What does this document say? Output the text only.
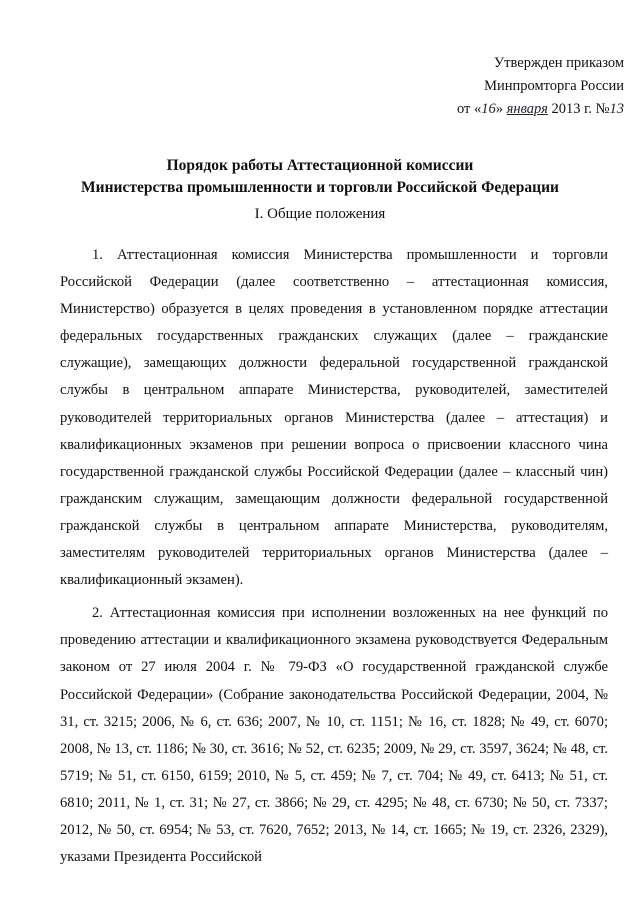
Утвержден приказом
Минпромторга России
от «16» января 2013 г. №13
Порядок работы Аттестационной комиссии
Министерства промышленности и торговли Российской Федерации
I. Общие положения

1. Аттестационная комиссия Министерства промышленности и торговли Российской Федерации (далее соответственно – аттестационная комиссия, Министерство) образуется в целях проведения в установленном порядке аттестации федеральных государственных гражданских служащих (далее – гражданские служащие), замещающих должности федеральной государственной гражданской службы в центральном аппарате Министерства, руководителей, заместителей руководителей территориальных органов Министерства (далее – аттестация) и квалификационных экзаменов при решении вопроса о присвоении классного чина государственной гражданской службы Российской Федерации (далее – классный чин) гражданским служащим, замещающим должности федеральной государственной гражданской службы в центральном аппарате Министерства, руководителям, заместителям руководителей территориальных органов Министерства (далее – квалификационный экзамен).

2. Аттестационная комиссия при исполнении возложенных на нее функций по проведению аттестации и квалификационного экзамена руководствуется Федеральным законом от 27 июля 2004 г. № 79-ФЗ «О государственной гражданской службе Российской Федерации» (Собрание законодательства Российской Федерации, 2004, № 31, ст. 3215; 2006, № 6, ст. 636; 2007, № 10, ст. 1151; № 16, ст. 1828; № 49, ст. 6070; 2008, № 13, ст. 1186; № 30, ст. 3616; № 52, ст. 6235; 2009, № 29, ст. 3597, 3624; № 48, ст. 5719; № 51, ст. 6150, 6159; 2010, № 5, ст. 459; № 7, ст. 704; № 49, ст. 6413; № 51, ст. 6810; 2011, № 1, ст. 31; № 27, ст. 3866; № 29, ст. 4295; № 48, ст. 6730; № 50, ст. 7337; 2012, № 50, ст. 6954; № 53, ст. 7620, 7652; 2013, № 14, ст. 1665; № 19, ст. 2326, 2329), указами Президента Российской
